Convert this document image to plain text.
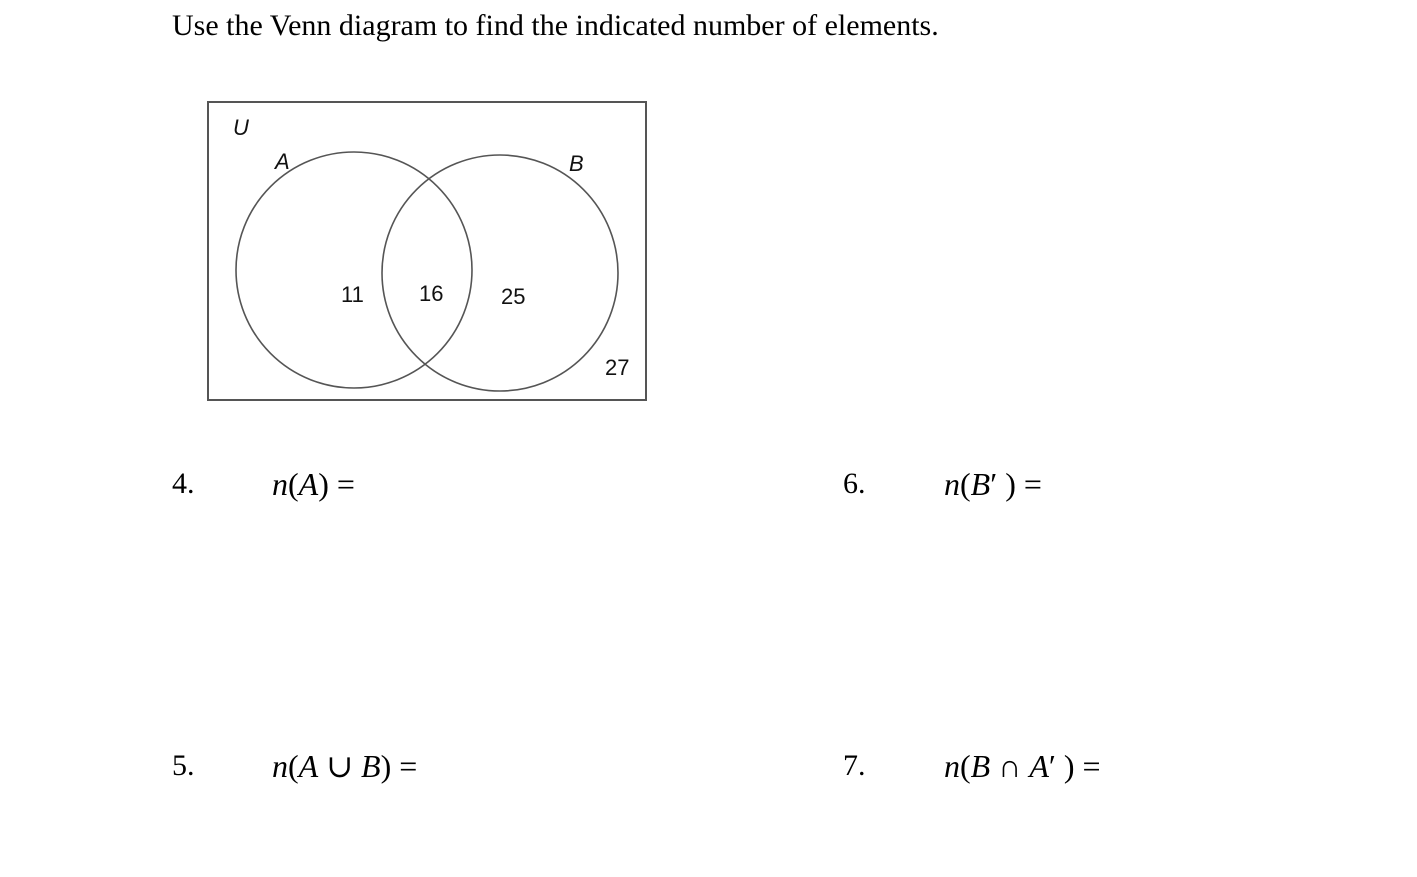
Use the Venn diagram to find the indicated number of elements.
U
A	B
11	16	25
27
4. n(A) =	6. n(B′ ) =
5. n(A ∪ B) =	7. n(B ∩ A′ ) =
